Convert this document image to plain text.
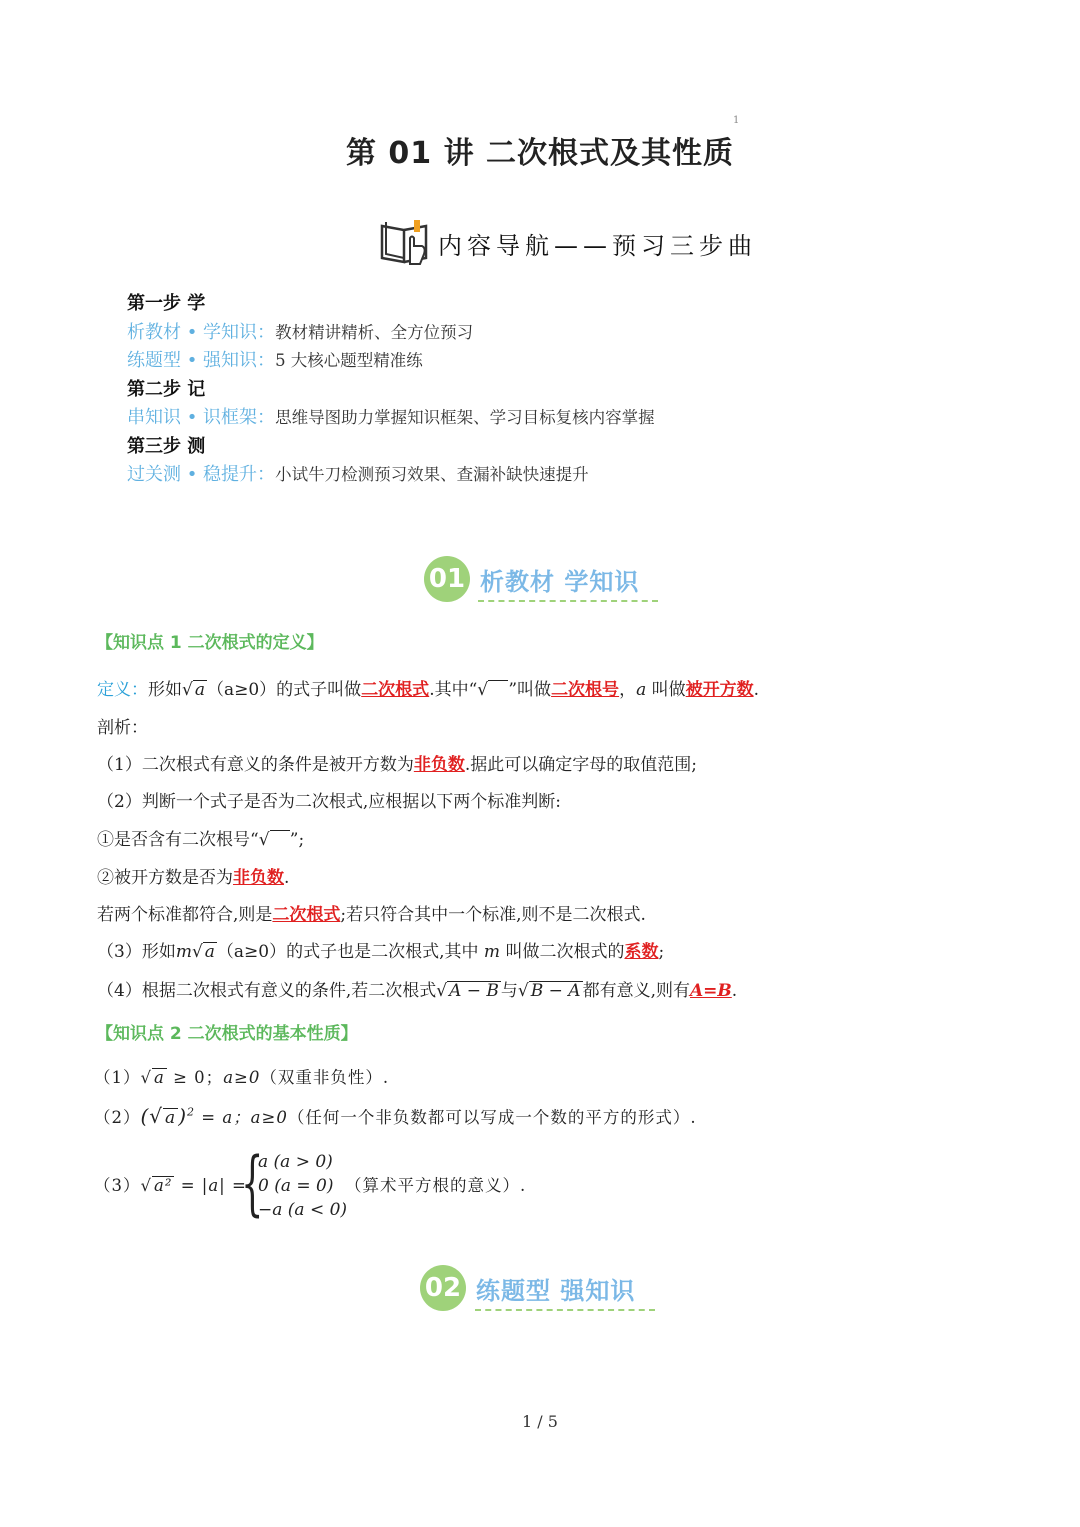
1
第 01 讲 二次根式及其性质
内容导航——预习三步曲
第一步 学
析教材 • 学知识：教材精讲精析、全方位预习
练题型 • 强知识：5 大核心题型精准练
第二步 记
串知识 • 识框架：思维导图助力掌握知识框架、学习目标复核内容掌握
第三步 测
过关测 • 稳提升：小试牛刀检测预习效果、查漏补缺快速提升
01 析教材 学知识
【知识点 1 二次根式的定义】
定义：形如√ a （a≥0）的式子叫做二次根式.其中“√ ”叫做二次根号，a 叫做被开方数.
剖析：
（1）二次根式有意义的条件是被开方数为非负数.据此可以确定字母的取值范围;
（2）判断一个式子是否为二次根式,应根据以下两个标准判断:
①是否含有二次根号“√ ”;
②被开方数是否为非负数.
若两个标准都符合,则是二次根式;若只符合其中一个标准,则不是二次根式.
（3）形如m√ a （a≥0）的式子也是二次根式,其中 m 叫做二次根式的系数;
（4）根据二次根式有意义的条件,若二次根式√ A − B 与√ B − A 都有意义,则有A=B.
【知识点 2 二次根式的基本性质】
（1）√ a ≥ 0；a≥0（双重非负性）.
（2）(√ a )$^2$ = a；a≥0（任何一个非负数都可以写成一个数的平方的形式）.
（3）√ a² = |a| =
{
a (a > 0)
0 (a = 0)
−a (a < 0)
（算术平方根的意义）.
02 练题型 强知识
1 / 5
